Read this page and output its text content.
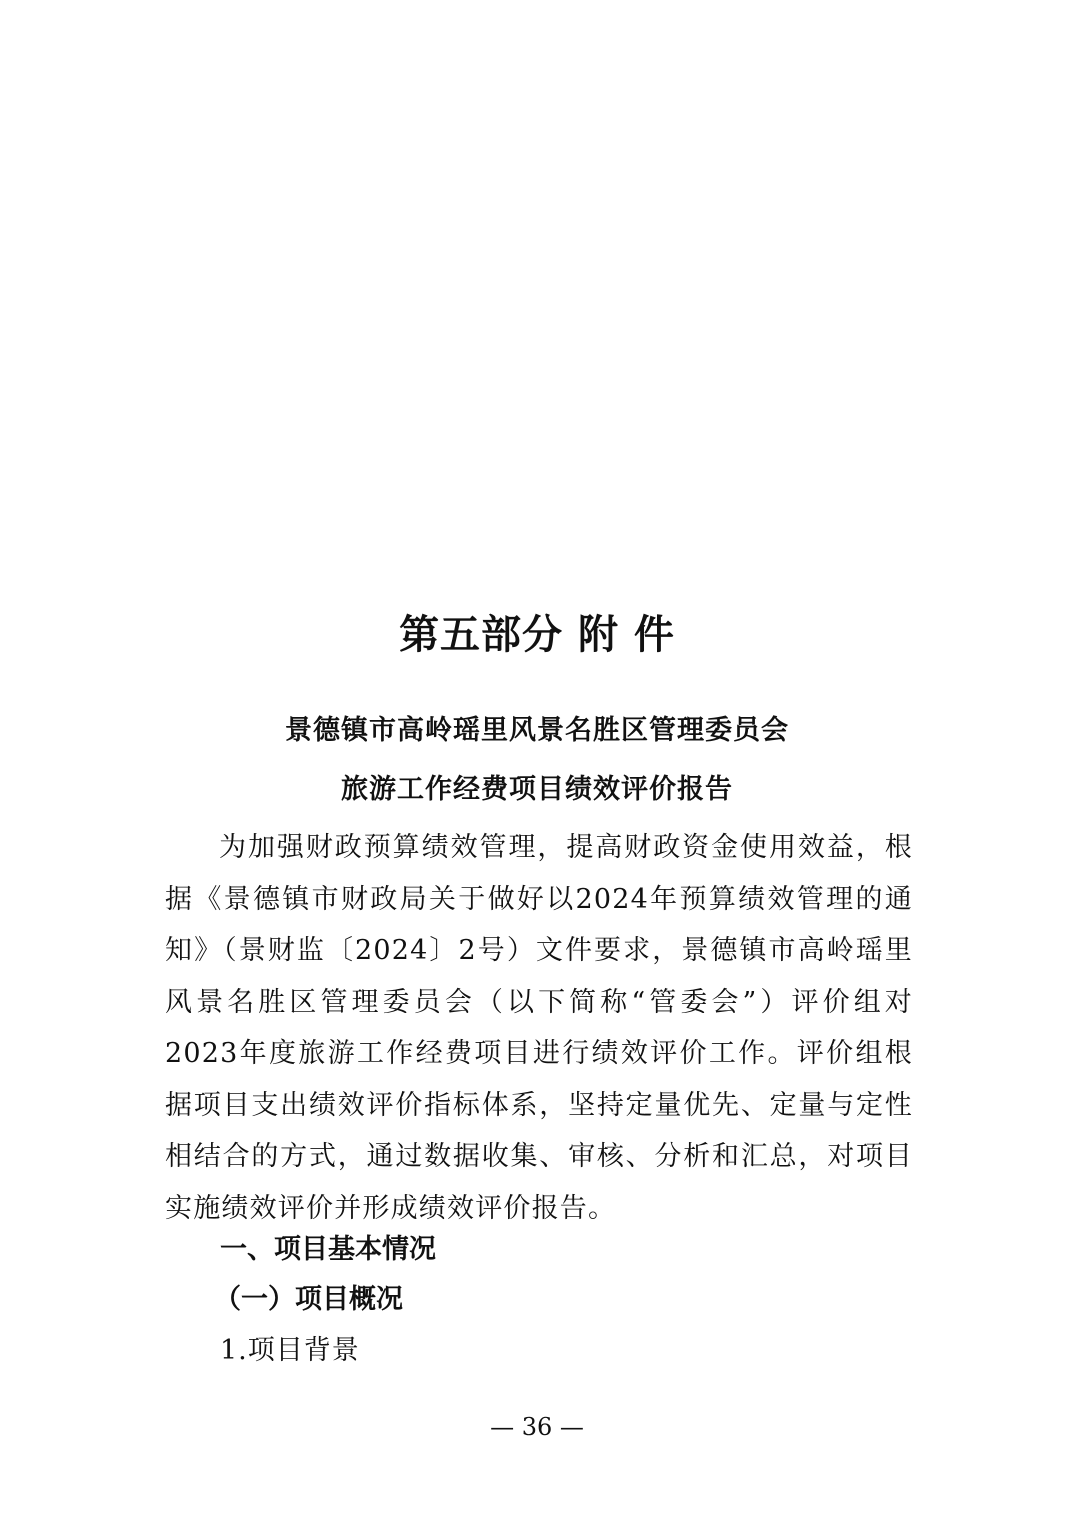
第五部分 附 件
景德镇市高岭瑶里风景名胜区管理委员会
旅游工作经费项目绩效评价报告

为加强财政预算绩效管理，提高财政资金使用效益，根据《景德镇市财政局关于做好以2024年预算绩效管理的通知》（景财监〔2024〕2号）文件要求，景德镇市高岭瑶里风景名胜区管理委员会（以下简称“管委会”）评价组对2023年度旅游工作经费项目进行绩效评价工作。评价组根据项目支出绩效评价指标体系，坚持定量优先、定量与定性相结合的方式，通过数据收集、审核、分析和汇总，对项目实施绩效评价并形成绩效评价报告。

一、项目基本情况

（一）项目概况

1.项目背景

— 36 —
